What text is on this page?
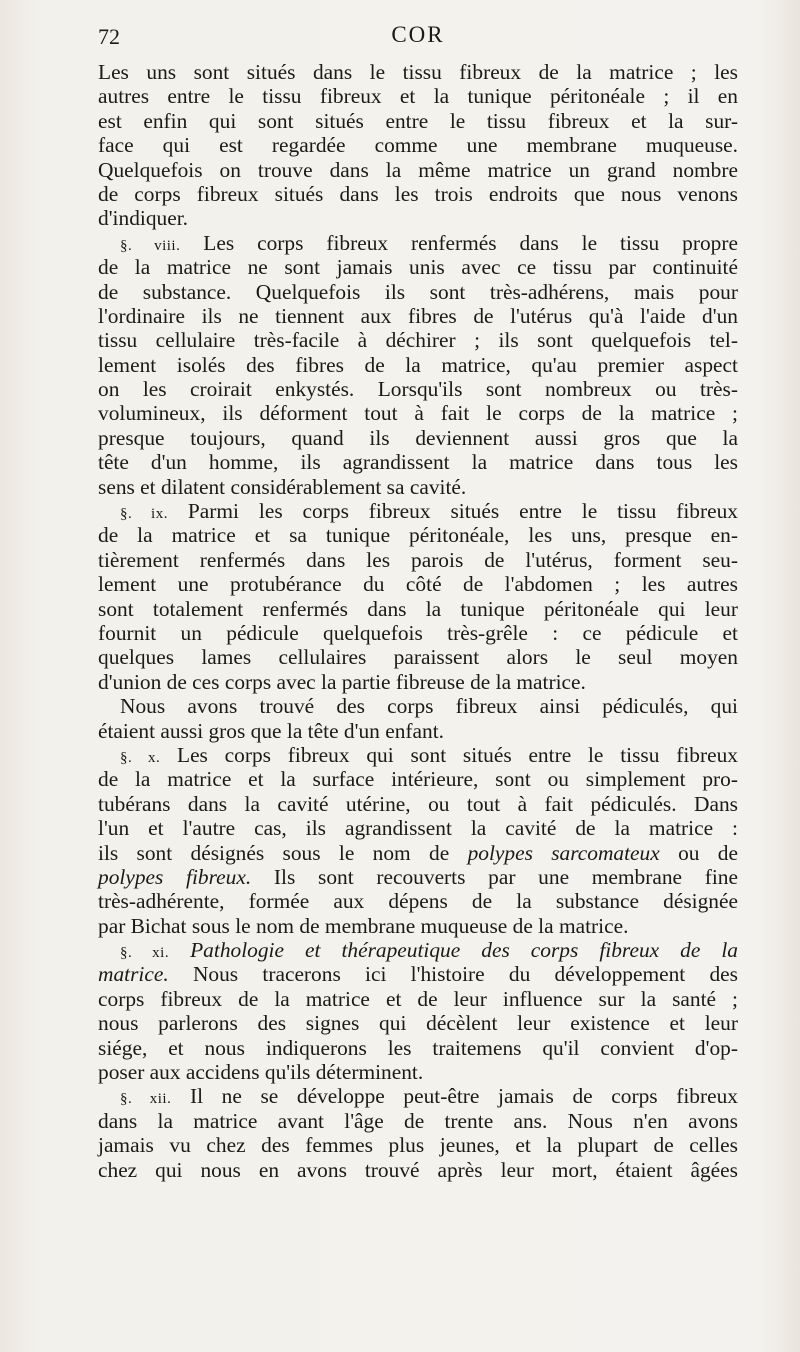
72	COR
Les uns sont situés dans le tissu fibreux de la matrice ; les
autres entre le tissu fibreux et la tunique péritonéale ; il en
est enfin qui sont situés entre le tissu fibreux et la sur-
face qui est regardée comme une membrane muqueuse.
Quelquefois on trouve dans la même matrice un grand nombre
de corps fibreux situés dans les trois endroits que nous venons
d'indiquer.
§. viii. Les corps fibreux renfermés dans le tissu propre
de la matrice ne sont jamais unis avec ce tissu par continuité
de substance. Quelquefois ils sont très-adhérens, mais pour
l'ordinaire ils ne tiennent aux fibres de l'utérus qu'à l'aide d'un
tissu cellulaire très-facile à déchirer ; ils sont quelquefois tel-
lement isolés des fibres de la matrice, qu'au premier aspect
on les croirait enkystés. Lorsqu'ils sont nombreux ou très-
volumineux, ils déforment tout à fait le corps de la matrice ;
presque toujours, quand ils deviennent aussi gros que la
tête d'un homme, ils agrandissent la matrice dans tous les
sens et dilatent considérablement sa cavité.
§. ix. Parmi les corps fibreux situés entre le tissu fibreux
de la matrice et sa tunique péritonéale, les uns, presque en-
tièrement renfermés dans les parois de l'utérus, forment seu-
lement une protubérance du côté de l'abdomen ; les autres
sont totalement renfermés dans la tunique péritonéale qui leur
fournit un pédicule quelquefois très-grêle : ce pédicule et
quelques lames cellulaires paraissent alors le seul moyen
d'union de ces corps avec la partie fibreuse de la matrice.
Nous avons trouvé des corps fibreux ainsi pédiculés, qui
étaient aussi gros que la tête d'un enfant.
§. x. Les corps fibreux qui sont situés entre le tissu fibreux
de la matrice et la surface intérieure, sont ou simplement pro-
tubérans dans la cavité utérine, ou tout à fait pédiculés. Dans
l'un et l'autre cas, ils agrandissent la cavité de la matrice :
ils sont désignés sous le nom de polypes sarcomateux ou de
polypes fibreux. Ils sont recouverts par une membrane fine
très-adhérente, formée aux dépens de la substance désignée
par Bichat sous le nom de membrane muqueuse de la matrice.
§. xi. Pathologie et thérapeutique des corps fibreux de la
matrice. Nous tracerons ici l'histoire du développement des
corps fibreux de la matrice et de leur influence sur la santé ;
nous parlerons des signes qui décèlent leur existence et leur
siége, et nous indiquerons les traitemens qu'il convient d'op-
poser aux accidens qu'ils déterminent.
§. xii. Il ne se développe peut-être jamais de corps fibreux
dans la matrice avant l'âge de trente ans. Nous n'en avons
jamais vu chez des femmes plus jeunes, et la plupart de celles
chez qui nous en avons trouvé après leur mort, étaient âgées
